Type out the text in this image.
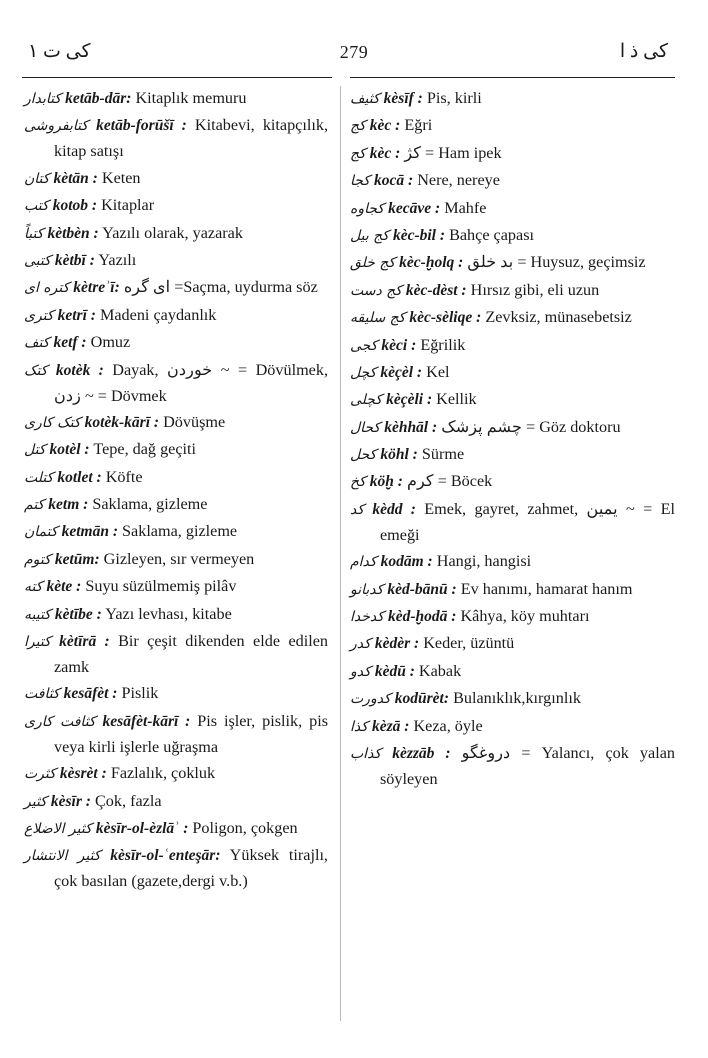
کی ت ۱	279	کی ذ ا

کتابدار ketāb-dār: Kitaplık memuru

کتابفروشی ketāb-forūšī : Kitabevi, kitapçılık, kitap satışı

کتان kètān : Keten

کتب kotob : Kitaplar

کتباً kètbèn : Yazılı olarak, yazarak

کتبی kètbī : Yazılı

کتره ای kètreʾī: ای گره =Saçma, uydurma söz

کتری ketrī : Madeni çaydanlık

کتف ketf : Omuz

کتک kotèk : Dayak, خوردن ~ = Dövülmek, زدن ~ = Dövmek

کتک کاری kotèk-kārī : Dövüşme

کتل kotèl : Tepe, dağ geçiti

کتلت kotlet : Köfte

کتم ketm : Saklama, gizleme

کتمان ketmān : Saklama, gizleme

کتوم ketūm: Gizleyen, sır vermeyen

کته kète : Suyu süzülmemiş pilâv

کتیبه kètībe : Yazı levhası, kitabe

کتیرا kètīrā : Bir çeşit dikenden elde edilen zamk

کثافت kesāfèt : Pislik

کثافت کاری kesāfèt-kārī : Pis işler, pislik, pis veya kirli işlerle uğraşma

کثرت kèsrèt : Fazlalık, çokluk

کثیر kèsīr : Çok, fazla

کثیر الاضلاع kèsīr-ol-èzlāʾ : Poligon, çokgen

کثیر الانتشار kèsīr-ol-ʿenteşār: Yüksek tirajlı, çok basılan (gazete,dergi v.b.)

کثیف kèsīf : Pis, kirli

کج kèc : Eğri

کج kèc : کژ = Ham ipek

کجا kocā : Nere, nereye

کجاوه kecāve : Mahfe

کج بیل kèc-bil : Bahçe çapası

کج خلق kèc-ḫolq : بد خلق = Huysuz, geçimsiz

کج دست kèc-dèst : Hırsız gibi, eli uzun

کج سلیقه kèc-sèliqe : Zevksiz, münasebetsiz

کجی kèci : Eğrilik

کچل kèçèl : Kel

کچلی kèçèli : Kellik

کحال kèhhāl : چشم پزشک = Göz doktoru

کحل köhl : Sürme

کخ köḫ : کرم = Böcek

کد kèdd : Emek, gayret, zahmet, یمین ~ = El emeği

کدام kodām : Hangi, hangisi

کدبانو kèd-bānū : Ev hanımı, hamarat hanım

کدخدا kèd-ḫodā : Kâhya, köy muhtarı

کدر kèdèr : Keder, üzüntü

کدو kèdū : Kabak

کدورت kodūrèt: Bulanıklık,kırgınlık

کذا kèzā : Keza, öyle

کذاب kèzzāb : دروغگو = Yalancı, çok yalan söyleyen
